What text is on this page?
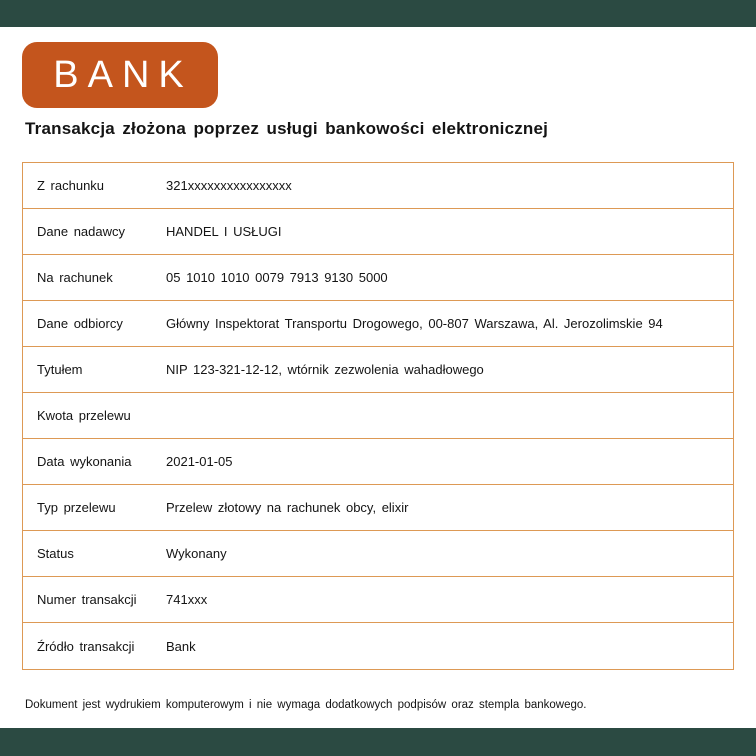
BANK
Transakcja złożona poprzez usługi bankowości elektronicznej
Z rachunku	321xxxxxxxxxxxxxxxx
Dane nadawcy	HANDEL I USŁUGI
Na rachunek	05 1010 1010 0079 7913 9130 5000
Dane odbiorcy	Główny Inspektorat Transportu Drogowego, 00-807 Warszawa, Al. Jerozolimskie 94
Tytułem	NIP 123-321-12-12, wtórnik zezwolenia wahadłowego
Kwota przelewu
Data wykonania	2021-01-05
Typ przelewu	Przelew złotowy na rachunek obcy, elixir
Status	Wykonany
Numer transakcji	741xxx
Źródło transakcji	Bank
Dokument jest wydrukiem komputerowym i nie wymaga dodatkowych podpisów oraz stempla bankowego.
